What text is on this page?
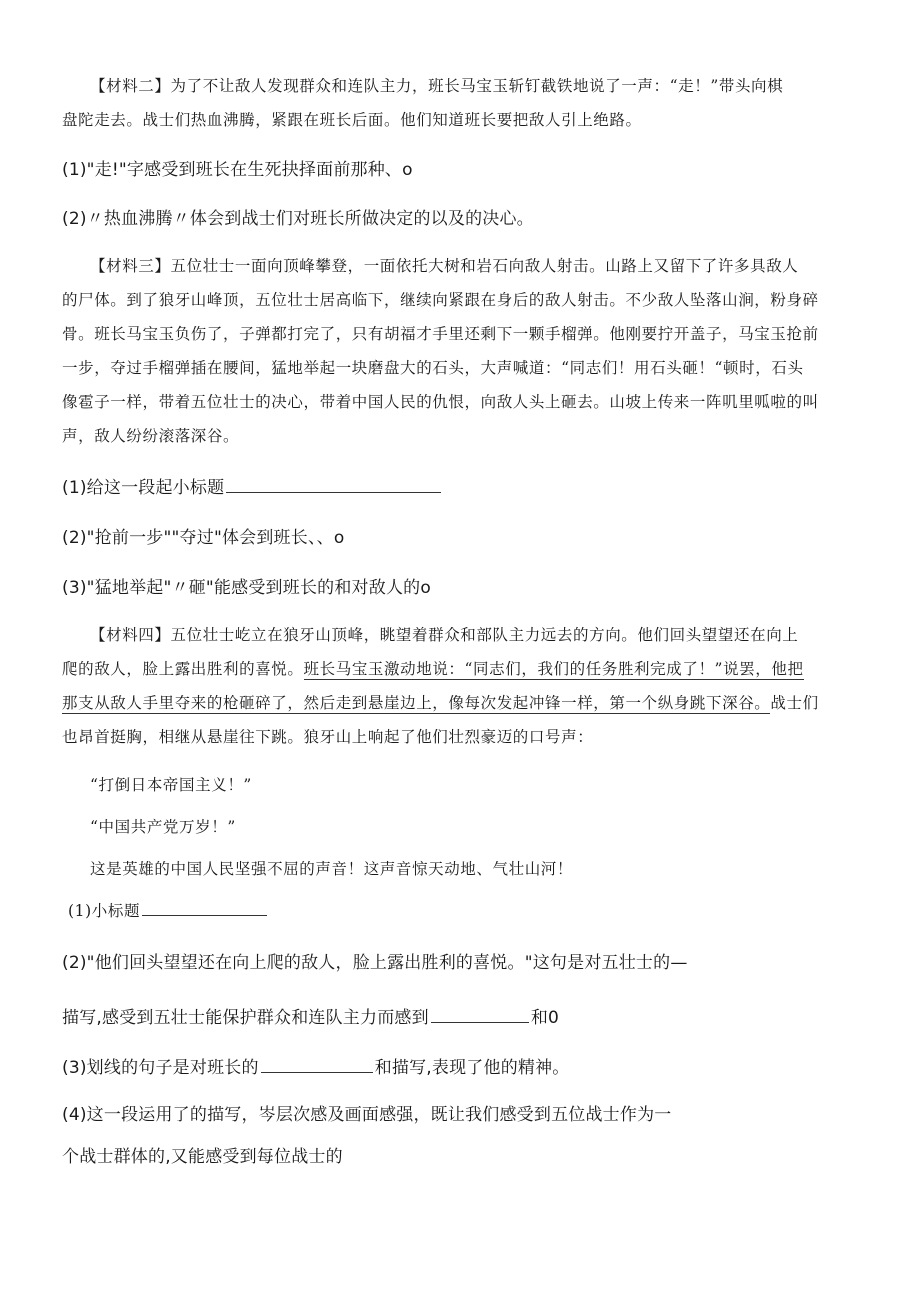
【材料二】为了不让敌人发现群众和连队主力，班长马宝玉斩钉截铁地说了一声：“走！”带头向棋
盘陀走去。战士们热血沸腾，紧跟在班长后面。他们知道班长要把敌人引上绝路。
(1)"走!"字感受到班长在生死抉择面前那种、o
(2)〃热血沸腾〃体会到战士们对班长所做决定的以及的决心。
【材料三】五位壮士一面向顶峰攀登，一面依托大树和岩石向敌人射击。山路上又留下了许多具敌人
的尸体。到了狼牙山峰顶，五位壮士居高临下，继续向紧跟在身后的敌人射击。不少敌人坠落山涧，粉身碎
骨。班长马宝玉负伤了，子弹都打完了，只有胡福才手里还剩下一颗手榴弹。他刚要拧开盖子，马宝玉抢前
一步，夺过手榴弹插在腰间，猛地举起一块磨盘大的石头，大声喊道：“同志们！用石头砸！“顿时，石头
像雹子一样，带着五位壮士的决心，带着中国人民的仇恨，向敌人头上砸去。山坡上传来一阵叽里呱啦的叫
声，敌人纷纷滚落深谷。
(1)给这一段起小标题
(2)"抢前一步""夺过"体会到班长、、o
(3)"猛地举起"〃砸"能感受到班长的和对敌人的o
【材料四】五位壮士屹立在狼牙山顶峰，眺望着群众和部队主力远去的方向。他们回头望望还在向上
爬的敌人，脸上露出胜利的喜悦。班长马宝玉激动地说：“同志们，我们的任务胜利完成了！”说罢，他把
那支从敌人手里夺来的枪砸碎了，然后走到悬崖边上，像每次发起冲锋一样，第一个纵身跳下深谷。战士们
也昂首挺胸，相继从悬崖往下跳。狼牙山上响起了他们壮烈豪迈的口号声：
“打倒日本帝国主义！”
“中国共产党万岁！”
这是英雄的中国人民坚强不屈的声音！这声音惊天动地、气壮山河！
(1)小标题
(2)"他们回头望望还在向上爬的敌人，脸上露出胜利的喜悦。"这句是对五壮士的—
描写,感受到五壮士能保护群众和连队主力而感到	和0
(3)划线的句子是对班长的	和描写,表现了他的精神。
(4)这一段运用了的描写，岑层次感及画面感强，既让我们感受到五位战士作为一
个战士群体的,又能感受到每位战士的
